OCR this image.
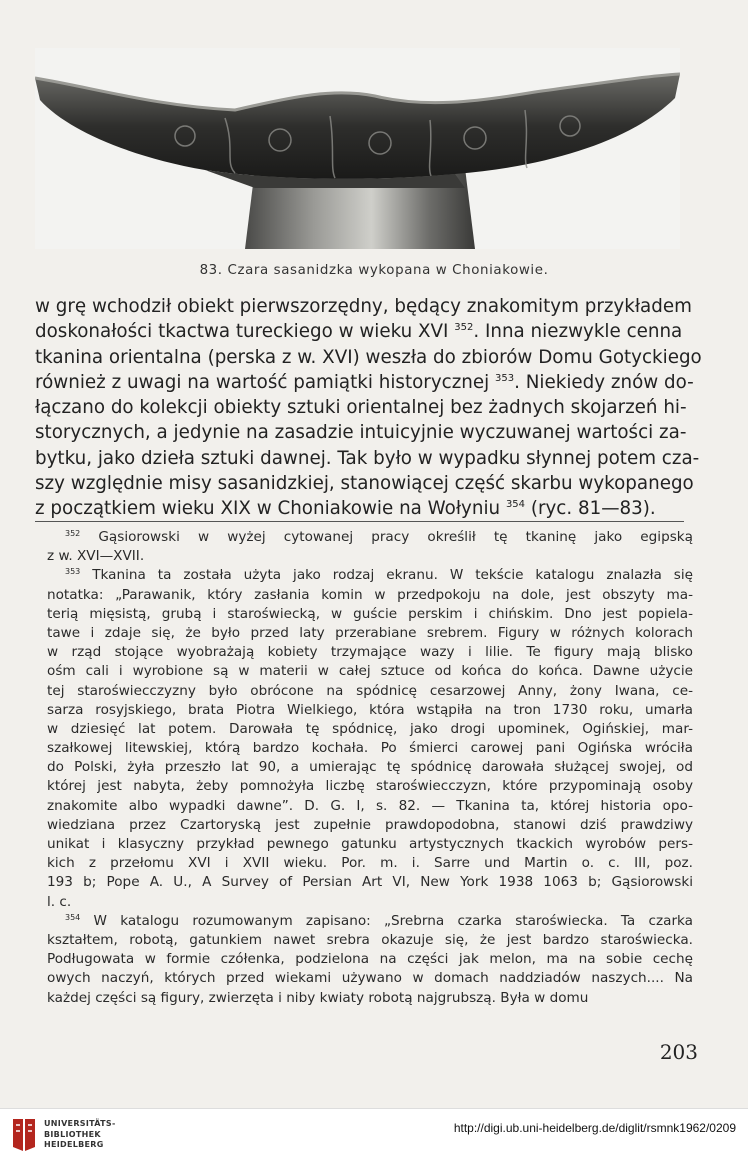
83. Czara sasanidzka wykopana w Choniakowie.
w grę wchodził obiekt pierwszorzędny, będący znakomitym przykładem
doskonałości tkactwa tureckiego w wieku XVI $^{352}$. Inna niezwykle cenna
tkanina orientalna (perska z w. XVI) weszła do zbiorów Domu Gotyckiego
również z uwagi na wartość pamiątki historycznej $^{353}$. Niekiedy znów do-
łączano do kolekcji obiekty sztuki orientalnej bez żadnych skojarzeń hi-
storycznych, a jedynie na zasadzie intuicyjnie wyczuwanej wartości za-
bytku, jako dzieła sztuki dawnej. Tak było w wypadku słynnej potem cza-
szy względnie misy sasanidzkiej, stanowiącej część skarbu wykopanego
z początkiem wieku XIX w Choniakowie na Wołyniu $^{354}$ (ryc. 81—83).
$^{352}$ Gąsiorowski w wyżej cytowanej pracy określił tę tkaninę jako egipską
z w. XVI—XVII.
$^{353}$ Tkanina ta została użyta jako rodzaj ekranu. W tekście katalogu znalazła się
notatka: „Parawanik, który zasłania komin w przedpokoju na dole, jest obszyty ma-
terią mięsistą, grubą i staroświecką, w guście perskim i chińskim. Dno jest popiela-
tawe i zdaje się, że było przed laty przerabiane srebrem. Figury w różnych kolorach
w rząd stojące wyobrażają kobiety trzymające wazy i lilie. Te figury mają blisko
ośm cali i wyrobione są w materii w całej sztuce od końca do końca. Dawne użycie
tej staroświecczyzny było obrócone na spódnicę cesarzowej Anny, żony Iwana, ce-
sarza rosyjskiego, brata Piotra Wielkiego, która wstąpiła na tron 1730 roku, umarła
w dziesięć lat potem. Darowała tę spódnicę, jako drogi upominek, Ogińskiej, mar-
szałkowej litewskiej, którą bardzo kochała. Po śmierci carowej pani Ogińska wróciła
do Polski, żyła przeszło lat 90, a umierając tę spódnicę darowała służącej swojej, od
której jest nabyta, żeby pomnożyła liczbę staroświecczyzn, które przypominają osoby
znakomite albo wypadki dawne”. D. G. I, s. 82. — Tkanina ta, której historia opo-
wiedziana przez Czartoryską jest zupełnie prawdopodobna, stanowi dziś prawdziwy
unikat i klasyczny przykład pewnego gatunku artystycznych tkackich wyrobów pers-
kich z przełomu XVI i XVII wieku. Por. m. i. Sarre und Martin o. c. III, poz.
193 b; Pope A. U., A Survey of Persian Art VI, New York 1938 1063 b; Gąsiorowski
l. c.
$^{354}$ W katalogu rozumowanym zapisano: „Srebrna czarka staroświecka. Ta czarka
kształtem, robotą, gatunkiem nawet srebra okazuje się, że jest bardzo staroświecka.
Podługowata w formie czółenka, podzielona na części jak melon, ma na sobie cechę
owych naczyń, których przed wiekami używano w domach naddziadów naszych.... Na
każdej części są figury, zwierzęta i niby kwiaty robotą najgrubszą. Była w domu
203
UNIVERSITÄTS-
BIBLIOTHEK
HEIDELBERG
http://digi.ub.uni-heidelberg.de/diglit/rsmnk1962/0209
